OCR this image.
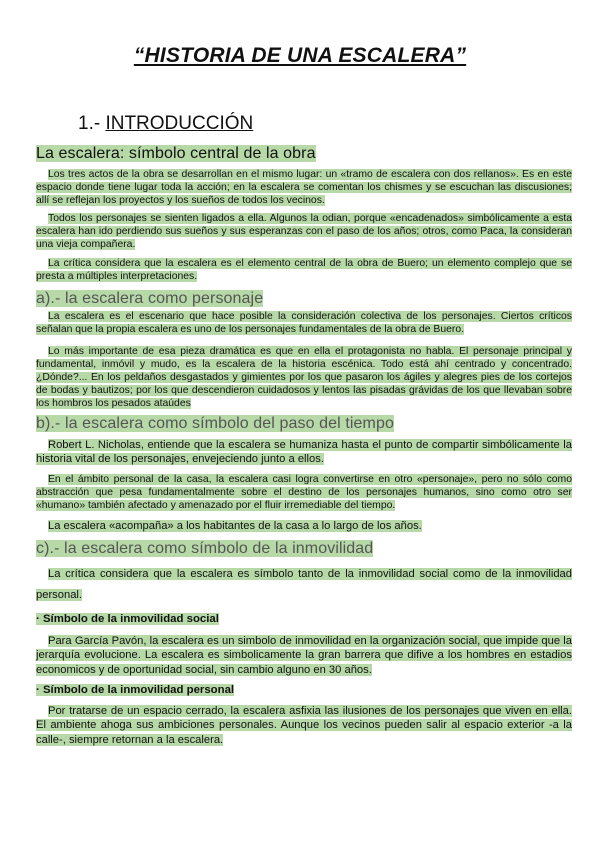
“HISTORIA DE UNA ESCALERA”
1.- INTRODUCCIÓN
La escalera: símbolo central de la obra
Los tres actos de la obra se desarrollan en el mismo lugar: un «tramo de escalera con dos rellanos». Es en este espacio donde tiene lugar toda la acción; en la escalera se comentan los chismes y se escuchan las discusiones; allí se reflejan los proyectos y los sueños de todos los vecinos.
Todos los personajes se sienten ligados a ella. Algunos la odian, porque «encadenados» simbólicamente a esta escalera han ido perdiendo sus sueños y sus esperanzas con el paso de los años; otros, como Paca, la consideran una vieja compañera.
La crítica considera que la escalera es el elemento central de la obra de Buero; un elemento complejo que se presta a múltiples interpretaciones.
a).- la escalera como personaje
La escalera es el escenario que hace posible la consideración colectiva de los personajes. Ciertos críticos señalan que la propia escalera es uno de los personajes fundamentales de la obra de Buero.
Lo más importante de esa pieza dramática es que en ella el protagonista no habla. El personaje principal y fundamental, inmóvil y mudo, es la escalera de la historia escénica. Todo está ahí centrado y concentrado. ¿Dónde?... En los peldaños desgastados y gimientes por los que pasaron los ágiles y alegres pies de los cortejos de bodas y bautizos; por los que descendieron cuidadosos y lentos las pisadas grávidas de los que llevaban sobre los hombros los pesados ataúdes
b).- la escalera como símbolo del paso del tiempo
Robert L. Nicholas, entiende que la escalera se humaniza hasta el punto de compartir simbólicamente la historia vital de los personajes, envejeciendo junto a ellos.
En el ámbito personal de la casa, la escalera casi logra convertirse en otro «personaje», pero no sólo como abstracción que pesa fundamentalmente sobre el destino de los personajes humanos, sino como otro ser «humano» también afectado y amenazado por el fluir irremediable del tiempo.
La escalera «acompaña» a los habitantes de la casa a lo largo de los años.
c).- la escalera como símbolo de la inmovilidad
La crítica considera que la escalera es símbolo tanto de la inmovilidad social como de la inmovilidad personal.
· Símbolo de la inmovilidad social
Para García Pavón, la escalera es un simbolo de inmovilidad en la organización social, que impide que la jerarquía evolucione. La escalera es simbolicamente la gran barrera que difive a los hombres en estadios economicos y de oportunidad social, sin cambio alguno en 30 años.
· Símbolo de la inmovilidad personal
Por tratarse de un espacio cerrado, la escalera asfixia las ilusiones de los personajes que viven en ella. El ambiente ahoga sus ambiciones personales. Aunque los vecinos pueden salir al espacio exterior -a la calle-, siempre retornan a la escalera.
